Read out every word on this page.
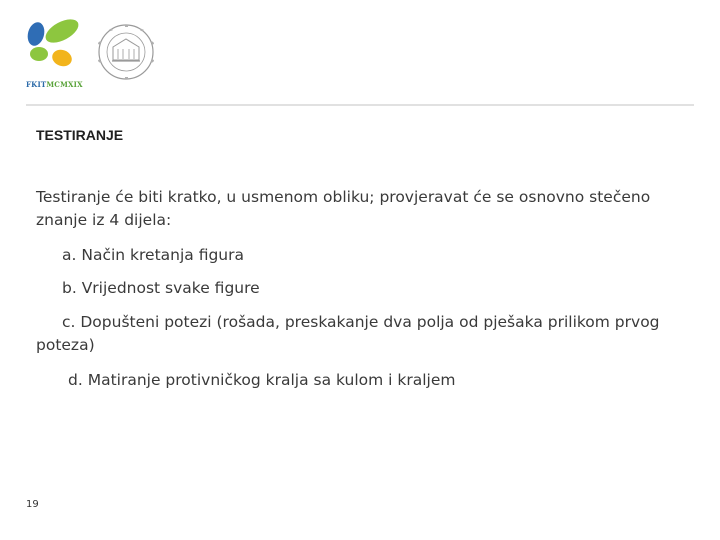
FKITMCMXIX
TESTIRANJE

Testiranje će biti kratko, u usmenom obliku; provjeravat će se osnovno stečeno znanje iz 4 dijela:

a. Način kretanja figura

b. Vrijednost svake figure

c. Dopušteni potezi (rošada, preskakanje dva polja od pješaka prilikom prvog poteza)

d. Matiranje protivničkog kralja sa kulom i kraljem

19
